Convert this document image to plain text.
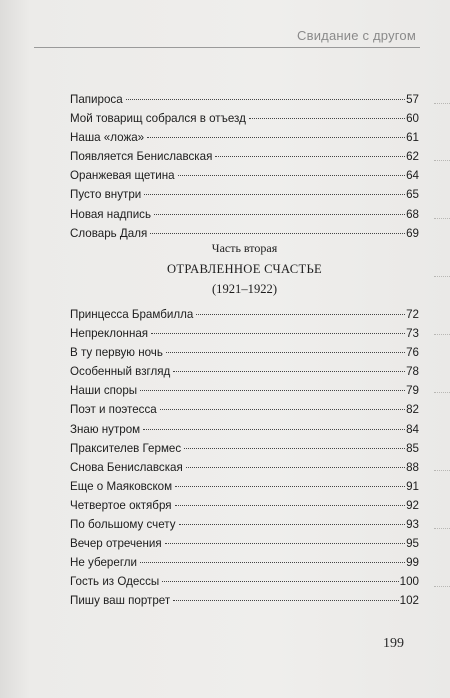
Свидание с другом
Папироса	57
Мой товарищ собрался в отъезд	60
Наша «ложа»	61
Появляется Бениславская	62
Оранжевая щетина	64
Пусто внутри	65
Новая надпись	68
Словарь Даля	69
Часть вторая
ОТРАВЛЕННОЕ СЧАСТЬЕ
(1921–1922)
Принцесса Брамбилла	72
Непреклонная	73
В ту первую ночь	76
Особенный взгляд	78
Наши споры	79
Поэт и поэтесса	82
Знаю нутром	84
Праксителев Гермес	85
Снова Бениславская	88
Еще о Маяковском	91
Четвертое октября	92
По большому счету	93
Вечер отречения	95
Не уберегли	99
Гость из Одессы	100
Пишу ваш портрет	102
199
